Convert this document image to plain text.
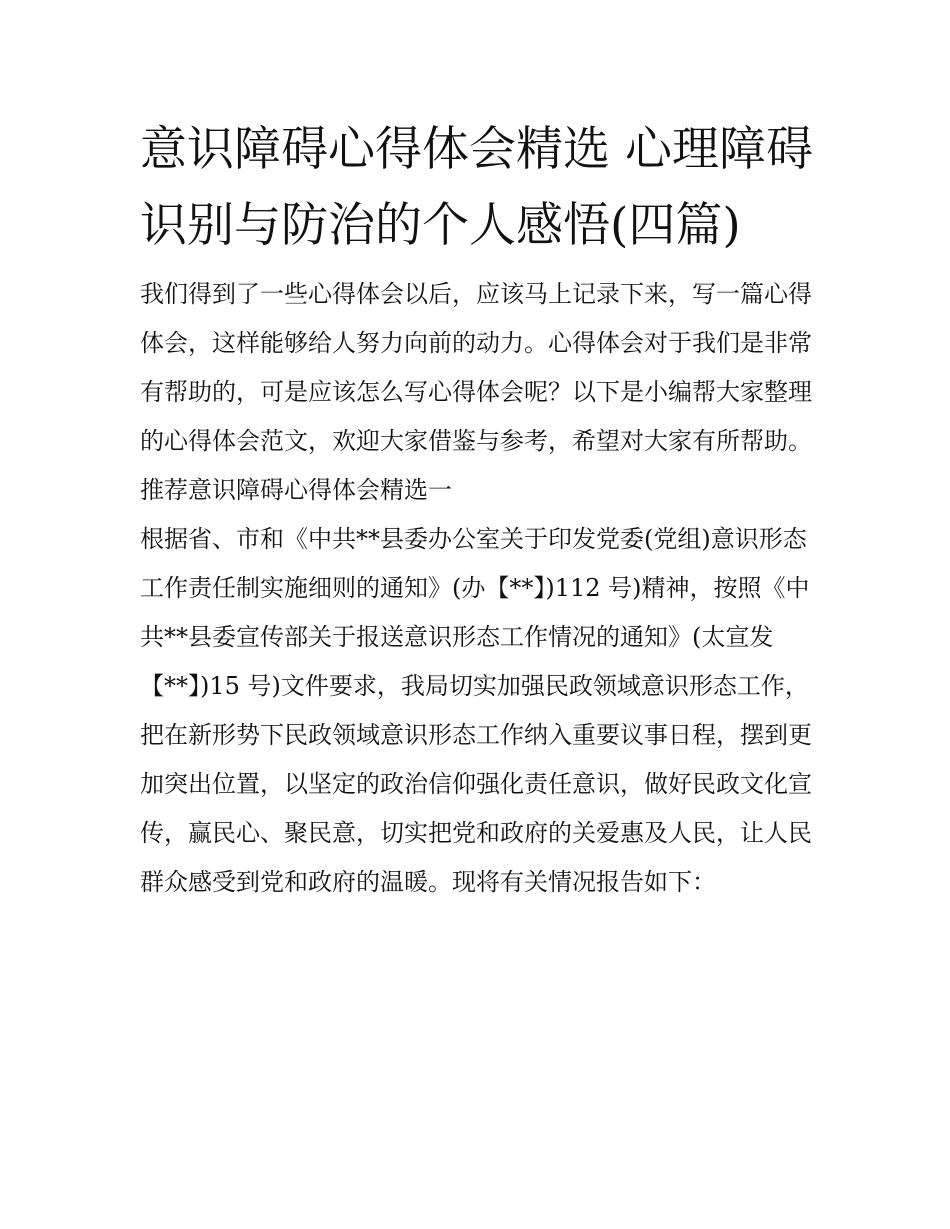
意识障碍心得体会精选 心理障碍识别与防治的个人感悟(四篇)

我们得到了一些心得体会以后，应该马上记录下来，写一篇心得体会，这样能够给人努力向前的动力。心得体会对于我们是非常有帮助的，可是应该怎么写心得体会呢？以下是小编帮大家整理的心得体会范文，欢迎大家借鉴与参考，希望对大家有所帮助。

推荐意识障碍心得体会精选一

根据省、市和《中共**县委办公室关于印发党委(党组)意识形态工作责任制实施细则的通知》(办【**】)112 号)精神，按照《中共**县委宣传部关于报送意识形态工作情况的通知》(太宣发【**】)15 号)文件要求，我局切实加强民政领域意识形态工作，把在新形势下民政领域意识形态工作纳入重要议事日程，摆到更加突出位置，以坚定的政治信仰强化责任意识，做好民政文化宣传，赢民心、聚民意，切实把党和政府的关爱惠及人民，让人民群众感受到党和政府的温暖。现将有关情况报告如下：
